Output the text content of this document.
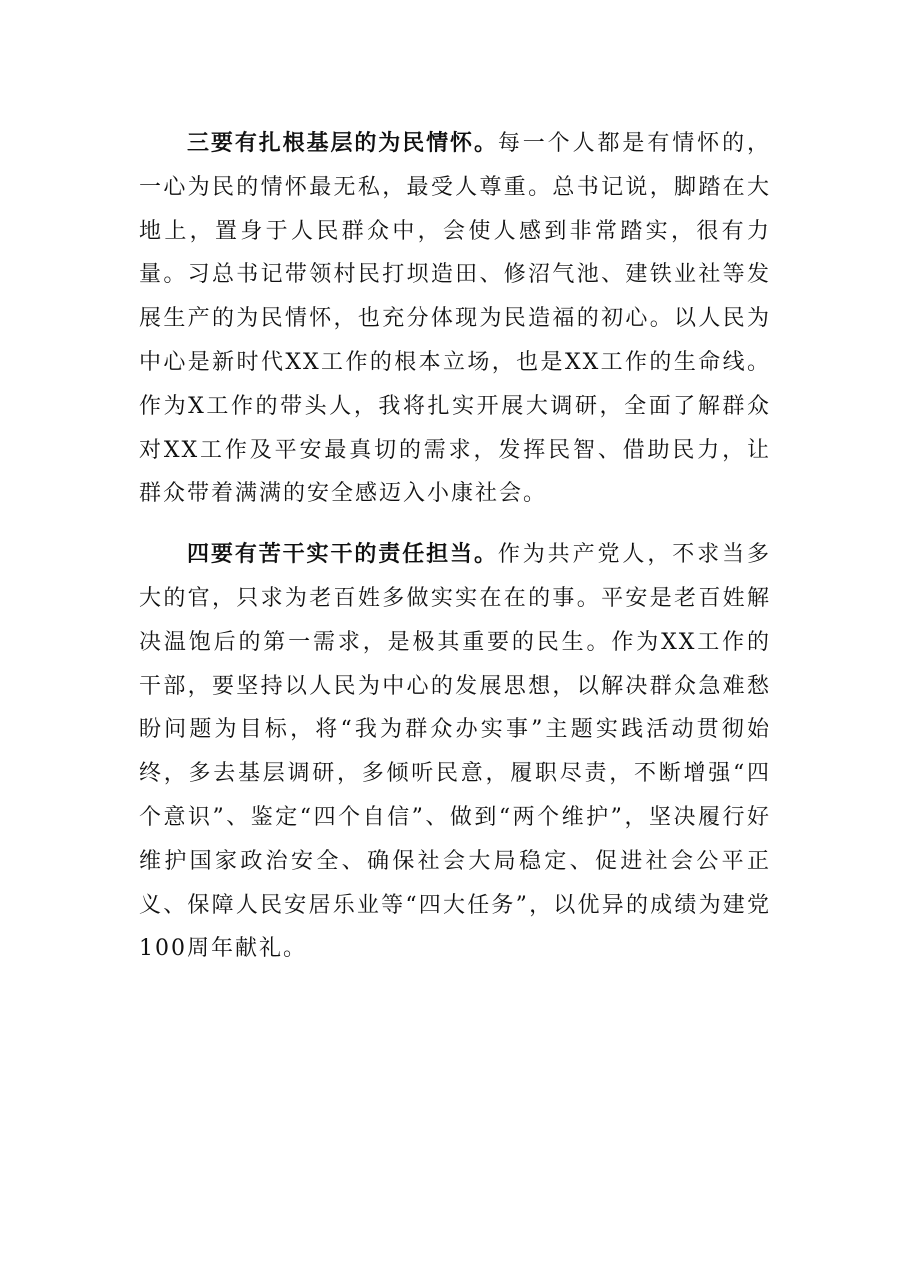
三要有扎根基层的为民情怀。每一个人都是有情怀的，一心为民的情怀最无私，最受人尊重。总书记说，脚踏在大地上，置身于人民群众中，会使人感到非常踏实，很有力量。习总书记带领村民打坝造田、修沼气池、建铁业社等发展生产的为民情怀，也充分体现为民造福的初心。以人民为中心是新时代XX工作的根本立场，也是XX工作的生命线。作为X工作的带头人，我将扎实开展大调研，全面了解群众对XX工作及平安最真切的需求，发挥民智、借助民力，让群众带着满满的安全感迈入小康社会。

四要有苦干实干的责任担当。作为共产党人，不求当多大的官，只求为老百姓多做实实在在的事。平安是老百姓解决温饱后的第一需求，是极其重要的民生。作为XX工作的干部，要坚持以人民为中心的发展思想，以解决群众急难愁盼问题为目标，将“我为群众办实事”主题实践活动贯彻始终，多去基层调研，多倾听民意，履职尽责，不断增强“四个意识”、鉴定“四个自信”、做到“两个维护”，坚决履行好维护国家政治安全、确保社会大局稳定、促进社会公平正义、保障人民安居乐业等“四大任务”，以优异的成绩为建党100周年献礼。
